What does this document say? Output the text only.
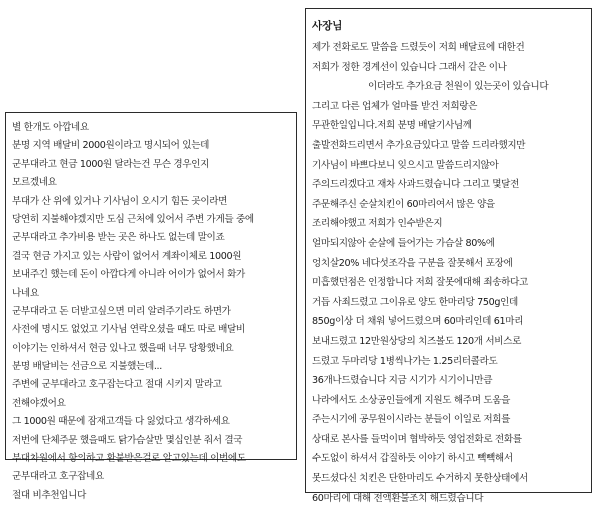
별 한개도 아깝네요
분명 지역 배달비 2000원이라고 명시되어 있는데
군부대라고 현금 1000원 달라는건 무슨 경우인지
모르겠네요
부대가 산 위에 있거나 기사님이 오시기 힘든 곳이라면
당연히 지불해야겠지만 도심 근처에 있어서 주변 가게들 중에
군부대라고 추가비용 받는 곳은 하나도 없는데 말이죠
결국 현금 가지고 있는 사람이 없어서 계좌이체로 1000원
보내주긴 했는데 돈이 아깝다게 아니라 어이가 없어서 화가
나네요
군부대라고 돈 더받고싶으면 미리 알려주기라도 하면가
사전에 명시도 없었고 기사님 연락오셨을 때도 따로 배달비
이야기는 인하셔서 현금 있나고 했을때 너무 당황했네요
분명 배달비는 선금으로 지불했는데...
주변에 군부대라고 호구잡는다고 절대 시키지 말라고
전해야겠어요
그 1000원 때문에 잠재고객들 다 잃었다고 생각하세요
저번에 단체주문 했을때도 닭가슴살만 몇십인분 줘서 결국
부대차원에서 항의하고 환불받은걸로 알고있는데 이번에도
군부대라고 호구잡네요
절대 비추천입니다
사장님
제가 전화로도 말씀을 드렸듯이 저희 배달료에 대한건
저희가 정한 경계선이 있습니다 그래서 같은 이나
이더라도 추가요금 천원이 있는곳이 있습니다
그리고 다른 업체가 얼마를 받건 저희랑은
무관한일입니다.저희 분명 배달기사님께
출발전화드리면서 추가요금있다고 말씀 드리라했지만
기사님이 바쁘다보니 잊으시고 말씀드리지않아
주의드리겠다고 재차 사과드렸습니다 그리고 몇달전
주문해주신 순살치킨이 60마리여서 많은 양을
조리해야했고 저희가 인수받은지
얼마되지않아 순살에 들어가는 가슴살 80%에
엉치살20% 네다섯조각을 구분을 잘못해서 포장에
미흡했던점은 인정합니다 저희 잘못에대해 죄송하다고
거듭 사죄드렸고 그이유로 양도 한마리당 750g인데
850g이상 더 채워 넣어드렸으며 60마리인데 61마리
보내드렸고 12만원상당의 치즈볼도 120개 서비스로
드렸고 두마리당 1병씩나가는 1.25리터콜라도
36개나드렸습니다 지금 시기가 시기이니만큼
나라에서도 소상공인들에게 지원도 해주며 도움을
주는시기에 공무원이시라는 분들이 이일로 저희를
상대로 본사를 들먹이며 협박하듯 영업전화로 전화를
수도없이 하셔서 갑질하듯 이야기 하시고 빽빽해서
못드셨다신 치킨은 단한마리도 수거하지 못한상태에서
60마리에 대해 전액환불조치 해드렸습니다
